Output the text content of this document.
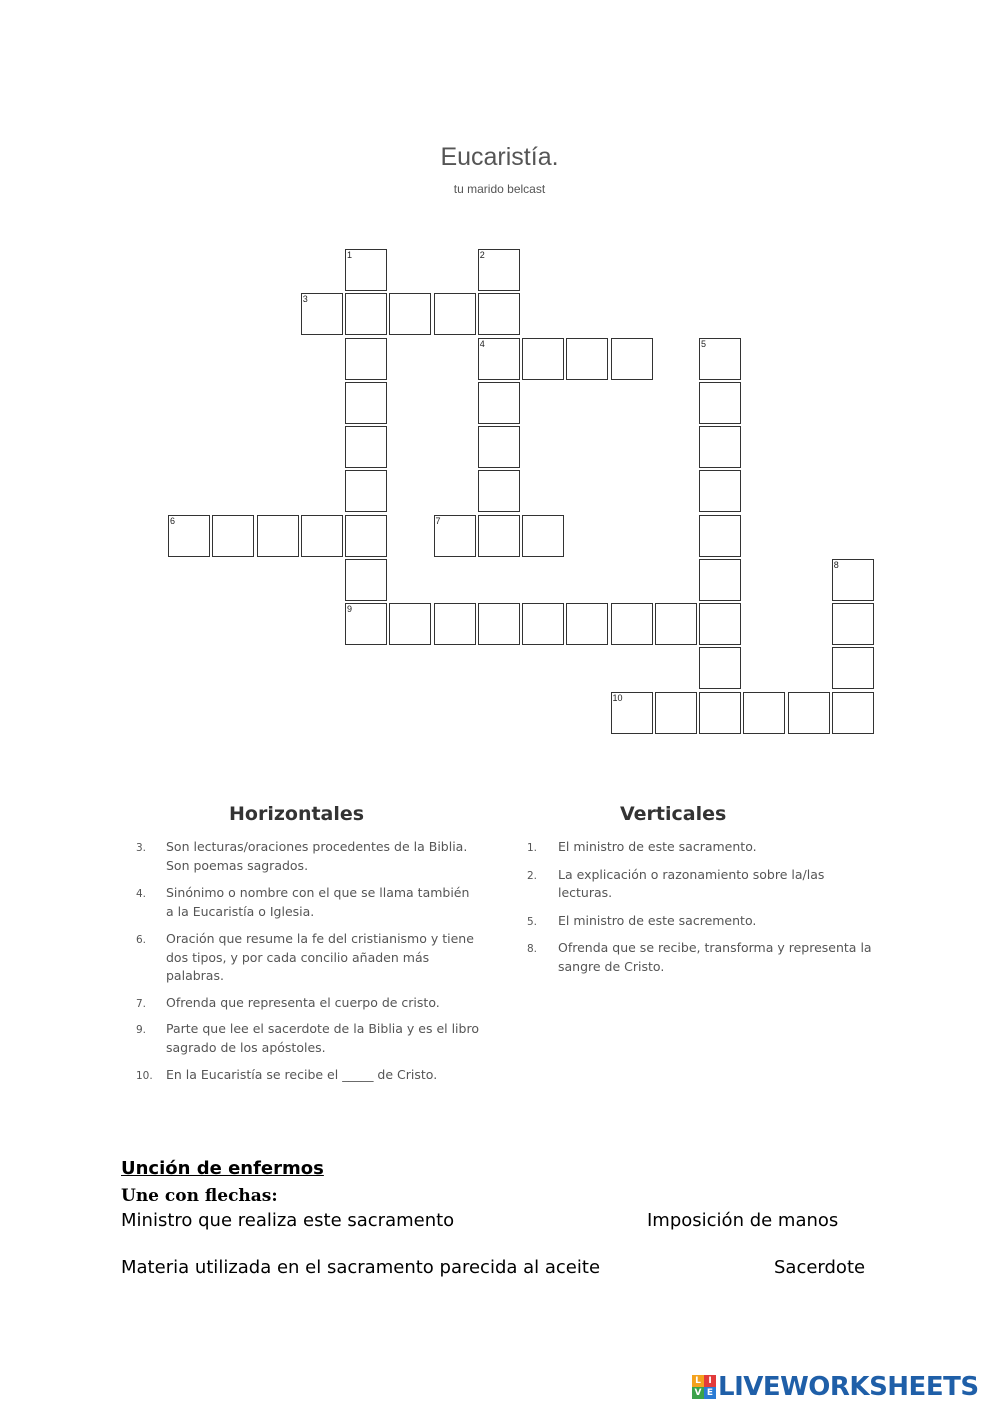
Eucaristía.
tu marido belcast
1	2
3
4	5
6	7
8
9
10
Horizontales	Verticales
3. Son lecturas/oraciones procedentes de la Biblia. Son poemas sagrados.
4. Sinónimo o nombre con el que se llama también a la Eucaristía o Iglesia.
6. Oración que resume la fe del cristianismo y tiene dos tipos, y por cada concilio añaden más palabras.
7. Ofrenda que representa el cuerpo de cristo.
9. Parte que lee el sacerdote de la Biblia y es el libro sagrado de los apóstoles.
10. En la Eucaristía se recibe el _____ de Cristo.
1. El ministro de este sacramento.
2. La explicación o razonamiento sobre la/las lecturas.
5. El ministro de este sacremento.
8. Ofrenda que se recibe, transforma y representa la sangre de Cristo.
Unción de enfermos
Une con flechas:
Ministro que realiza este sacramento	Imposición de manos
Materia utilizada en el sacramento parecida al aceite	Sacerdote
L I
V E LIVEWORKSHEETS
